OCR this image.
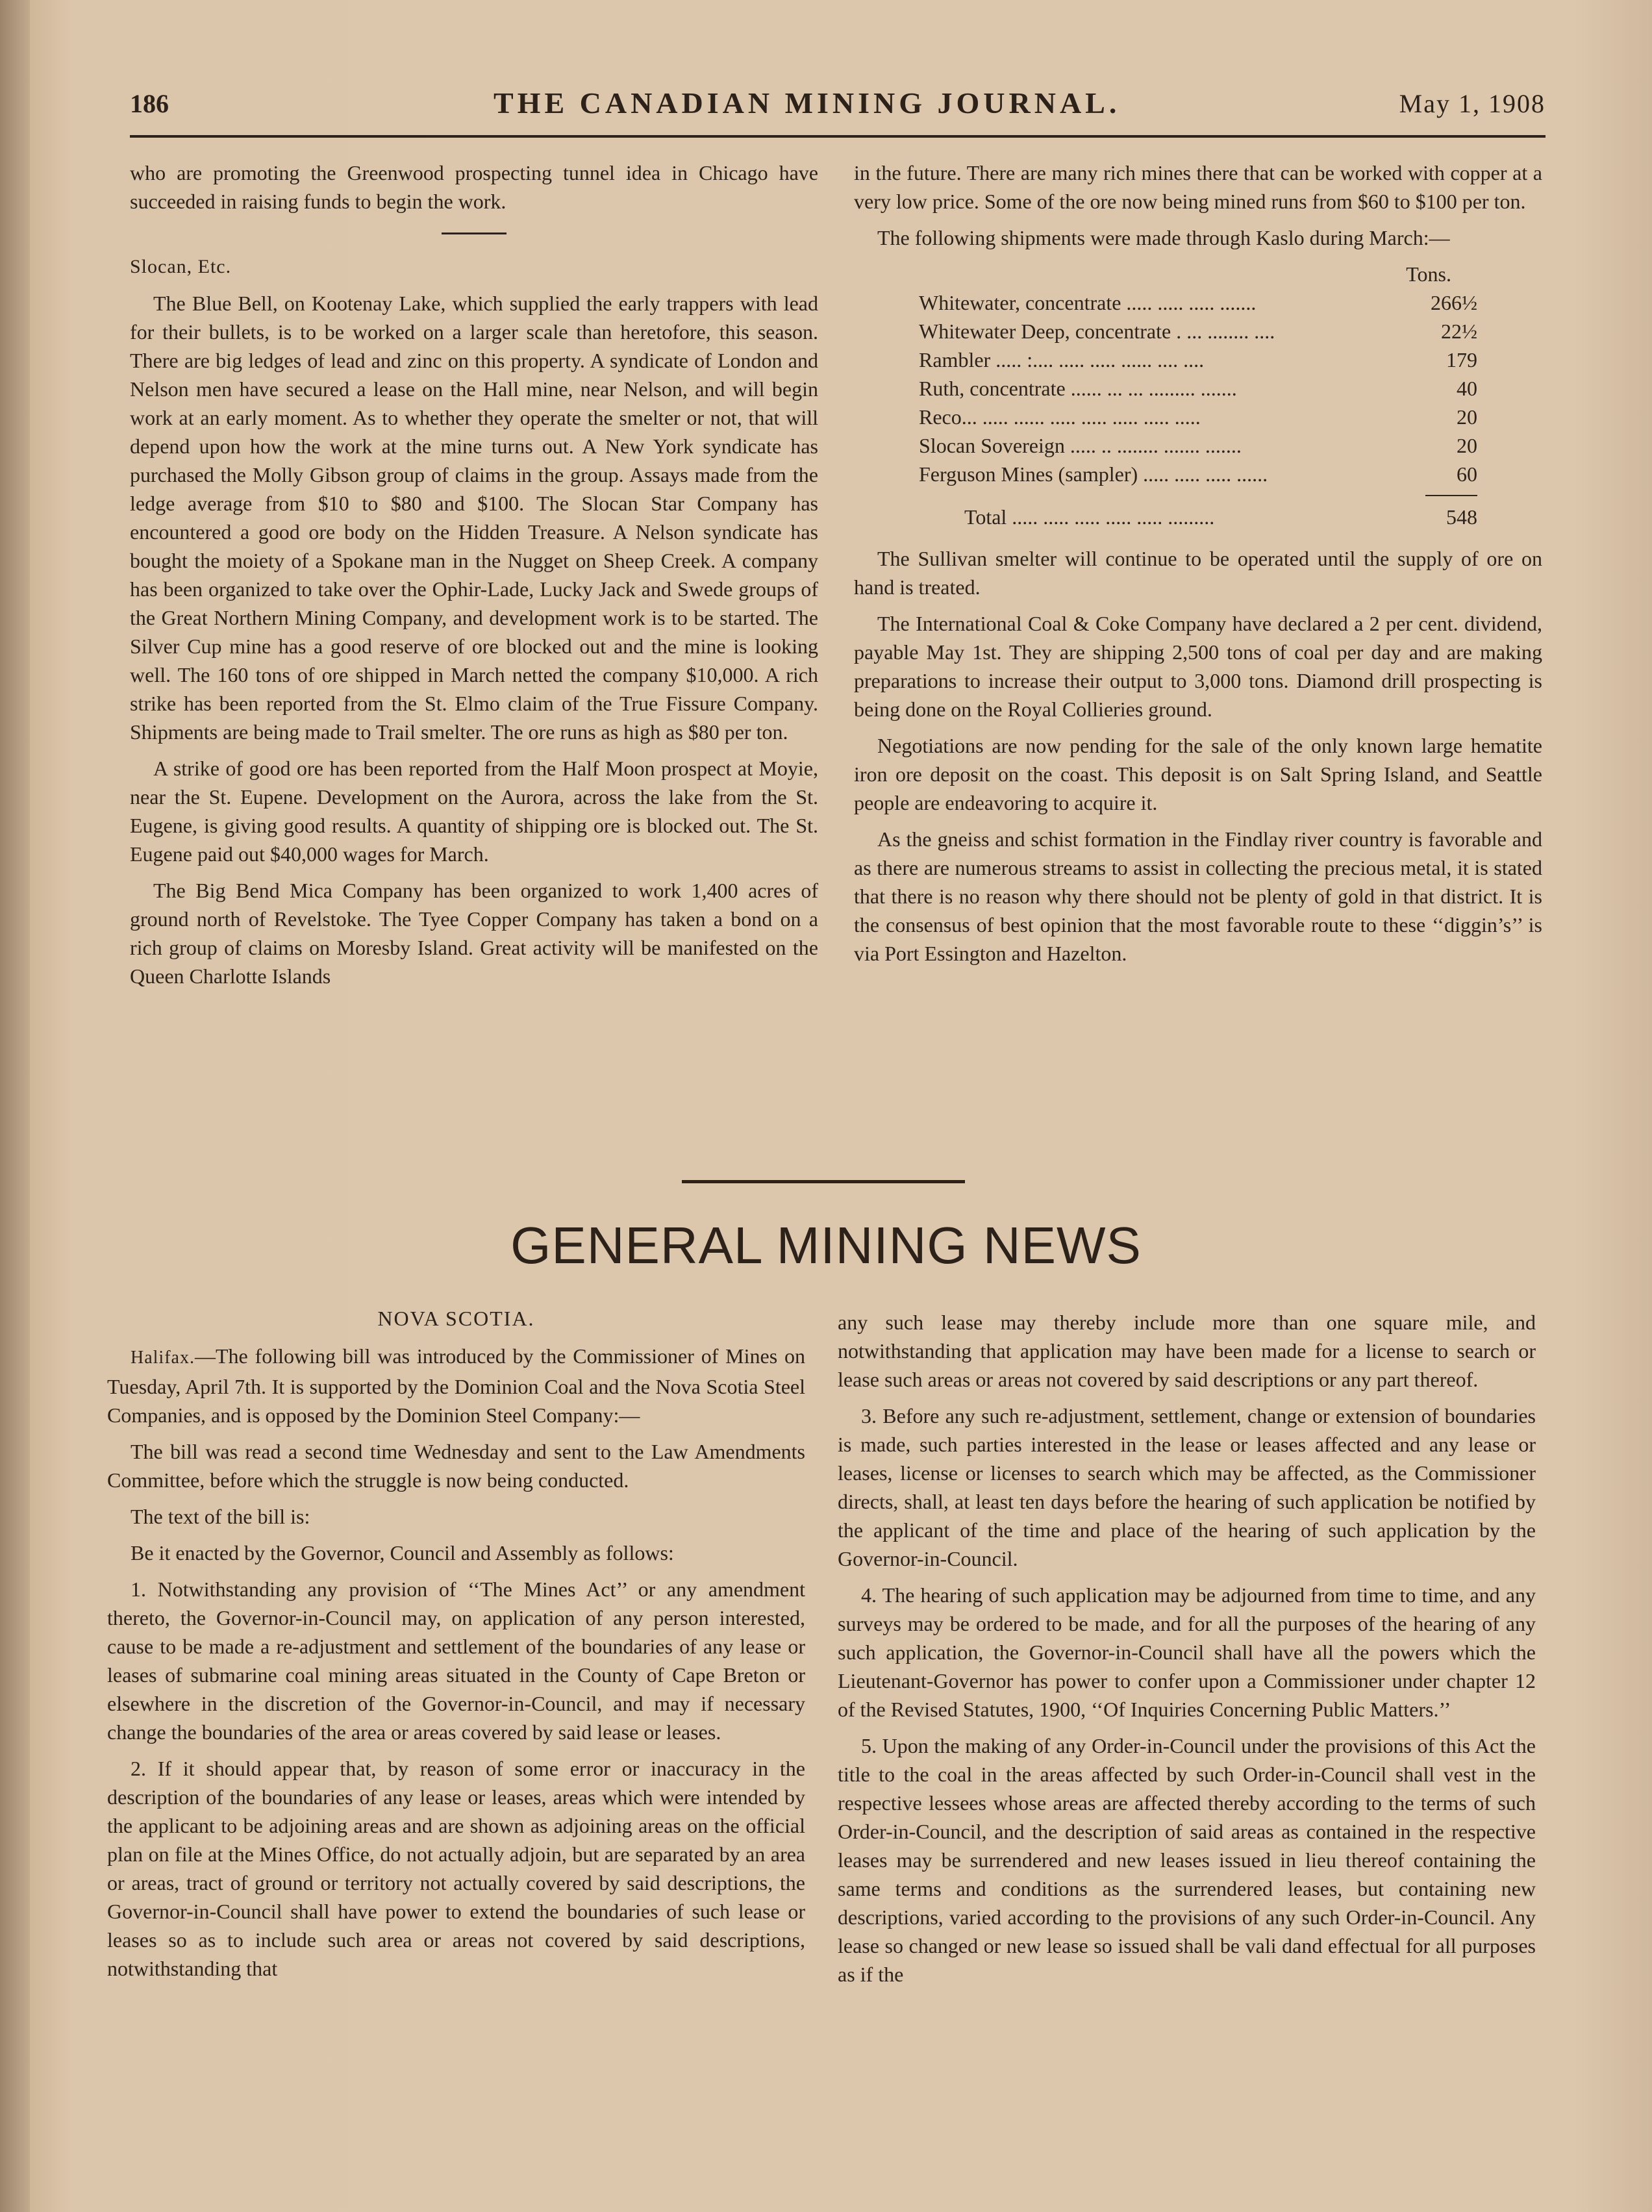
186	THE CANADIAN MINING JOURNAL.	May 1, 1908

who are promoting the Greenwood prospecting tunnel idea in Chicago have succeeded in raising funds to begin the work.

Slocan, Etc.

The Blue Bell, on Kootenay Lake, which supplied the early trappers with lead for their bullets, is to be worked on a larger scale than heretofore, this season. There are big ledges of lead and zinc on this property. A syndicate of London and Nelson men have secured a lease on the Hall mine, near Nelson, and will begin work at an early moment. As to whether they operate the smelter or not, that will depend upon how the work at the mine turns out. A New York syndicate has purchased the Molly Gibson group of claims in the group. Assays made from the ledge average from $10 to $80 and $100. The Slocan Star Company has encountered a good ore body on the Hidden Treasure. A Nelson syndicate has bought the moiety of a Spokane man in the Nugget on Sheep Creek. A company has been organized to take over the Ophir-Lade, Lucky Jack and Swede groups of the Great Northern Mining Company, and development work is to be started. The Silver Cup mine has a good reserve of ore blocked out and the mine is looking well. The 160 tons of ore shipped in March netted the company $10,000. A rich strike has been reported from the St. Elmo claim of the True Fissure Company. Shipments are being made to Trail smelter. The ore runs as high as $80 per ton.

A strike of good ore has been reported from the Half Moon prospect at Moyie, near the St. Eupene. Development on the Aurora, across the lake from the St. Eugene, is giving good results. A quantity of shipping ore is blocked out. The St. Eugene paid out $40,000 wages for March.

The Big Bend Mica Company has been organized to work 1,400 acres of ground north of Revelstoke. The Tyee Copper Company has taken a bond on a rich group of claims on Moresby Island. Great activity will be manifested on the Queen Charlotte Islands

in the future. There are many rich mines there that can be worked with copper at a very low price. Some of the ore now being mined runs from $60 to $100 per ton.

The following shipments were made through Kaslo during March:—

Tons.
Whitewater, concentrate ..... ..... ..... .......	266½
Whitewater Deep, concentrate . ... ........ ....	22½
Rambler ..... :.... ..... ..... ...... .... ....	179
Ruth, concentrate ...... ... ... ......... .......	40
Reco... ..... ...... ..... ..... ..... ..... .....	20
Slocan Sovereign ..... .. ........ ....... .......	20
Ferguson Mines (sampler) ..... ..... ..... ......	60
Total ..... ..... ..... ..... ..... .........	548

The Sullivan smelter will continue to be operated until the supply of ore on hand is treated.

The International Coal & Coke Company have declared a 2 per cent. dividend, payable May 1st. They are shipping 2,500 tons of coal per day and are making preparations to increase their output to 3,000 tons. Diamond drill prospecting is being done on the Royal Collieries ground.

Negotiations are now pending for the sale of the only known large hematite iron ore deposit on the coast. This deposit is on Salt Spring Island, and Seattle people are endeavoring to acquire it.

As the gneiss and schist formation in the Findlay river country is favorable and as there are numerous streams to assist in collecting the precious metal, it is stated that there is no reason why there should not be plenty of gold in that district. It is the consensus of best opinion that the most favorable route to these ‘‘diggin’s’’ is via Port Essington and Hazelton.

GENERAL MINING NEWS
NOVA SCOTIA.

Halifax.—The following bill was introduced by the Commissioner of Mines on Tuesday, April 7th. It is supported by the Dominion Coal and the Nova Scotia Steel Companies, and is opposed by the Dominion Steel Company:—

The bill was read a second time Wednesday and sent to the Law Amendments Committee, before which the struggle is now being conducted.

The text of the bill is:

Be it enacted by the Governor, Council and Assembly as follows:

1. Notwithstanding any provision of ‘‘The Mines Act’’ or any amendment thereto, the Governor-in-Council may, on application of any person interested, cause to be made a re-adjustment and settlement of the boundaries of any lease or leases of submarine coal mining areas situated in the County of Cape Breton or elsewhere in the discretion of the Governor-in-Council, and may if necessary change the boundaries of the area or areas covered by said lease or leases.

2. If it should appear that, by reason of some error or inaccuracy in the description of the boundaries of any lease or leases, areas which were intended by the applicant to be adjoining areas and are shown as adjoining areas on the official plan on file at the Mines Office, do not actually adjoin, but are separated by an area or areas, tract of ground or territory not actually covered by said descriptions, the Governor-in-Council shall have power to extend the boundaries of such lease or leases so as to include such area or areas not covered by said descriptions, notwithstanding that

any such lease may thereby include more than one square mile, and notwithstanding that application may have been made for a license to search or lease such areas or areas not covered by said descriptions or any part thereof.

3. Before any such re-adjustment, settlement, change or extension of boundaries is made, such parties interested in the lease or leases affected and any lease or leases, license or licenses to search which may be affected, as the Commissioner directs, shall, at least ten days before the hearing of such application be notified by the applicant of the time and place of the hearing of such application by the Governor-in-Council.

4. The hearing of such application may be adjourned from time to time, and any surveys may be ordered to be made, and for all the purposes of the hearing of any such application, the Governor-in-Council shall have all the powers which the Lieutenant-Governor has power to confer upon a Commissioner under chapter 12 of the Revised Statutes, 1900, ‘‘Of Inquiries Concerning Public Matters.’’

5. Upon the making of any Order-in-Council under the provisions of this Act the title to the coal in the areas affected by such Order-in-Council shall vest in the respective lessees whose areas are affected thereby according to the terms of such Order-in-Council, and the description of said areas as contained in the respective leases may be surrendered and new leases issued in lieu thereof containing the same terms and conditions as the surrendered leases, but containing new descriptions, varied according to the provisions of any such Order-in-Council. Any lease so changed or new lease so issued shall be vali dand effectual for all purposes as if the
